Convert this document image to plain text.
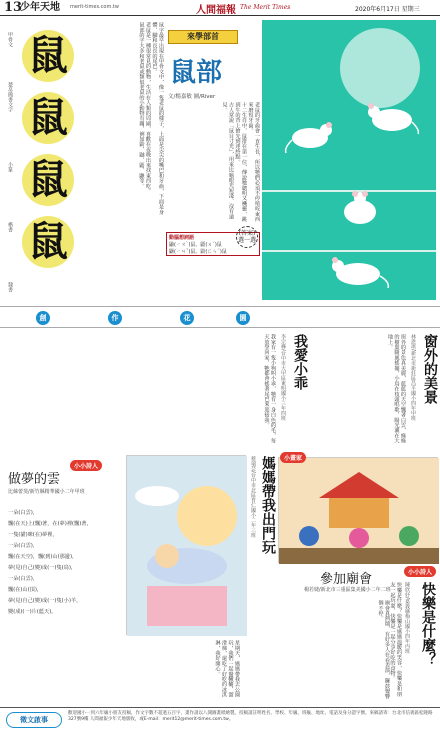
13
少年天地 merit-times.com.tw	人間福報 The Merit Times	2020年6月17日 星期三
甲骨文
楚帛簡書文字
小篆
楷書
隸書
鼠
鼠
鼠
鼠

鼠字最早出現在甲骨文中，像一隻老鼠的樣子，上面是尖尖的嘴巴和牙齒，下面是身體、腳和長長的尾巴。

老鼠是一種很常見的動物，生活在人類的周圍，喜歡在夜晚出來找東西吃。

鼠部的字大多和老鼠或類似老鼠的小動物有關，例如鼢、鼬、鼯、鼴等。	來學部首
鼠部
文/楊嘉敏 圖/River

老鼠的牙齒會一直生長，所以牠們必須不停啃咬東西來磨短牙齒。

十二生肖中，鼠排在第一位，傳說牠聰明又機靈，跳到牛的背上搶先到達終點。

古人常說「鼠目寸光」，用來比喻眼光短淺、沒有遠見。

動腦想詞語
鼬(ㄧㄡˋ)鼠、鼯(ㄨˊ)鼠
鼴(ㄧㄢˇ)鼠、鼢(ㄈㄣˊ)鼠
(答案)選一選
創	作	花	園
窗外的美景
林恩琪/新北市新莊區昌平國小四年甲班
窗外的景色真美麗，藍藍的天空飄著白雲，綠綠的樹葉隨風搖擺，小鳥在枝頭唱歌，陽光灑在大地上。
我愛小乖
李宗樺/台中市大甲區東明國小三年四班
我家有一隻小狗叫小乖，牠有一身白色的毛，每天放學回家，牠都會搖著尾巴來迎接我。
小小詩人
做夢的雲
比絲蕾斐/新竹縣精華國小二年甲班
一朵(白雲)，
飄(在天)上(飄)著，在(夢)裡(飄)著，
一隻(貓)咪(在)夢裡，
一朵(白雲)，
飄(在天空)，飄(到)山(那邊)，
夢(見)自己(變)成(一)隻(鳥)，
一朵(白雲)，
飄(在)山(頂)，
夢(見)自己(變)成(一)隻(小)羊，
變(成)(一)片(藍天)。
媽媽帶我出門玩
蔡瑞芸/台中市北區育仁國小二年三班	小畫家
參加廟會
楊若婕/新北市三重區集美國小二年二班
星期天，媽媽帶我去公園玩，我們一起盪鞦韆、溜滑梯，還吃了好吃的冰淇淋，我好開心。	廟會真熱鬧，有好多人在看表演，鑼鼓聲響個不停。
小小詩人
快樂是什麼？
陳欣妤/嘉義縣梅山國小四年丙班
快樂是什麼？快樂是媽媽溫暖的笑容，快樂是和朋友一起玩耍，快樂是一起分享好吃的食物。
徵文啟事
歡迎國小一到六年級小朋友投稿，作文字數不超過五百字，畫作請以八開圖畫紙繪製。投稿請註明姓名、學校、年級、班級、地址、電話及身分證字號。來稿請寄：台北市信義區松隆路327號9樓 人間福報少年天地版收，或E-mail：merit12@merit-times.com.tw。
